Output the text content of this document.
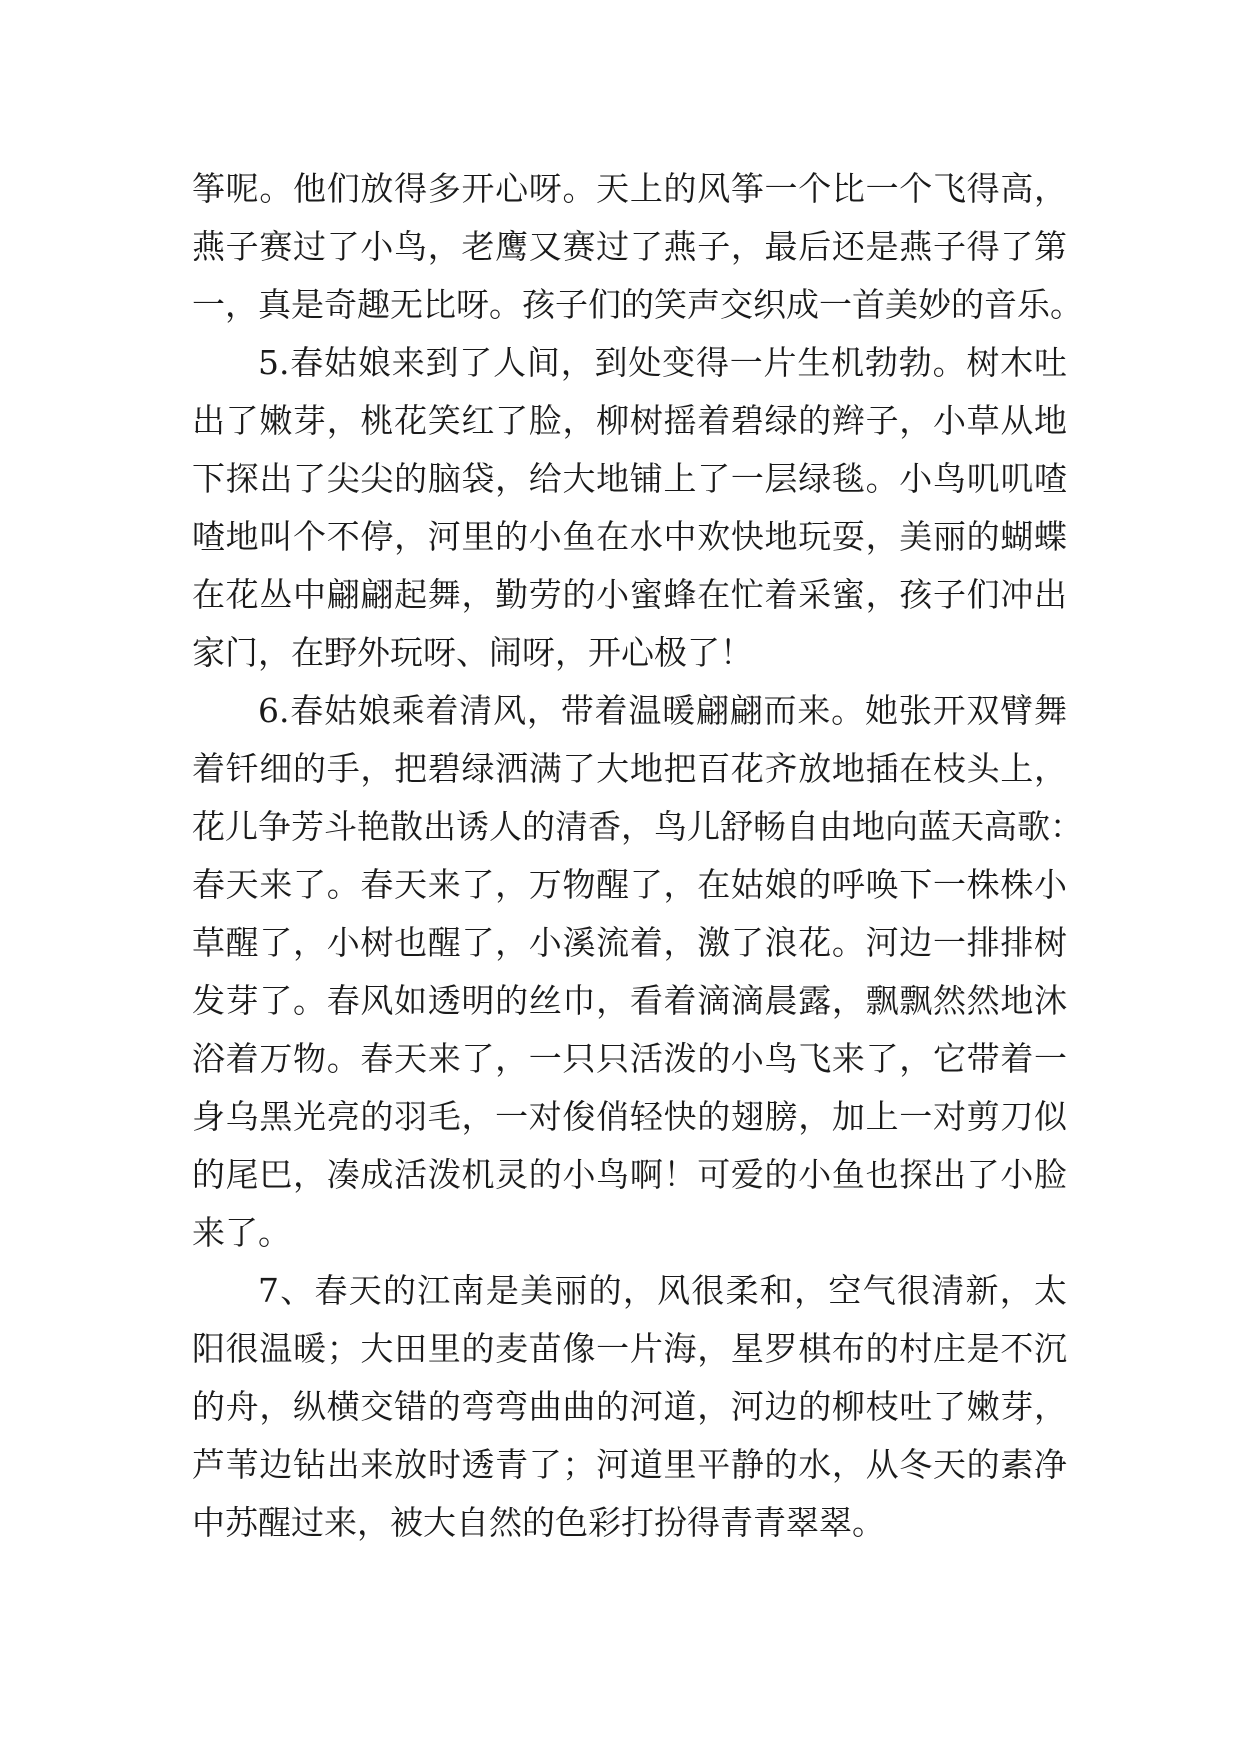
筝呢。他们放得多开心呀。天上的风筝一个比一个飞得高，
燕子赛过了小鸟，老鹰又赛过了燕子，最后还是燕子得了第
一，真是奇趣无比呀。孩子们的笑声交织成一首美妙的音乐。
5.春姑娘来到了人间，到处变得一片生机勃勃。树木吐
出了嫩芽，桃花笑红了脸，柳树摇着碧绿的辫子，小草从地
下探出了尖尖的脑袋，给大地铺上了一层绿毯。小鸟叽叽喳
喳地叫个不停，河里的小鱼在水中欢快地玩耍，美丽的蝴蝶
在花丛中翩翩起舞，勤劳的小蜜蜂在忙着采蜜，孩子们冲出
家门，在野外玩呀、闹呀，开心极了！
6.春姑娘乘着清风，带着温暖翩翩而来。她张开双臂舞
着钎细的手，把碧绿洒满了大地把百花齐放地插在枝头上，
花儿争芳斗艳散出诱人的清香，鸟儿舒畅自由地向蓝天高歌：
春天来了。春天来了，万物醒了，在姑娘的呼唤下一株株小
草醒了，小树也醒了，小溪流着，激了浪花。河边一排排树
发芽了。春风如透明的丝巾，看着滴滴晨露，飘飘然然地沐
浴着万物。春天来了，一只只活泼的小鸟飞来了，它带着一
身乌黑光亮的羽毛，一对俊俏轻快的翅膀，加上一对剪刀似
的尾巴，凑成活泼机灵的小鸟啊！可爱的小鱼也探出了小脸
来了。
7、春天的江南是美丽的，风很柔和，空气很清新，太
阳很温暖；大田里的麦苗像一片海，星罗棋布的村庄是不沉
的舟，纵横交错的弯弯曲曲的河道，河边的柳枝吐了嫩芽，
芦苇边钻出来放时透青了；河道里平静的水，从冬天的素净
中苏醒过来，被大自然的色彩打扮得青青翠翠。
